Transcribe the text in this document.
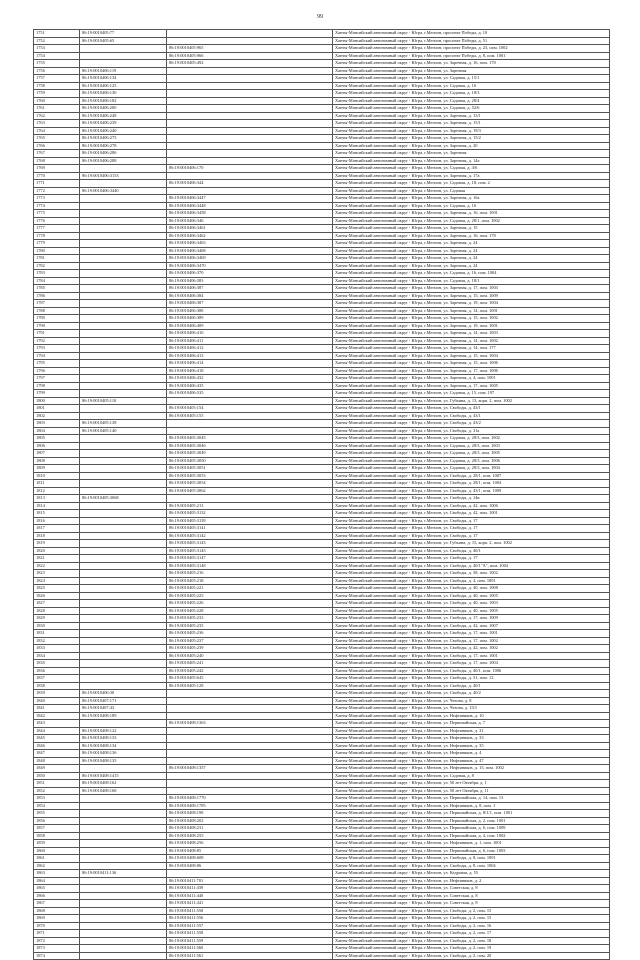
99
1751	86:19:0010405:77		Ханты-Мансийский автономный округ - Югра, г.Мегион, проспект Победы, д. 10
1752	86:19:0010405:65		Ханты-Мансийский автономный округ - Югра, г.Мегион, проспект Победы, д. 51
1753		86:19:0010405:965	Ханты-Мансийский автономный округ - Югра, г.Мегион, проспект Победы, д. 23, пом. 1002
1754		86:19:0010405:966	Ханты-Мансийский автономный округ - Югра, г.Мегион, проспект Победы, д. 8, пом. 1001
1755		86:19:0010405:492	Ханты-Мансийский автономный округ - Югра, г.Мегион, ул. Заречная, д. 16, пом. 178
1756	86:19:0010406:119		Ханты-Мансийский автономный округ - Югра, г.Мегион, ул. Заречная
1757	86:19:0010406:134		Ханты-Мансийский автономный округ - Югра, г.Мегион, ул. Садовая, д. 15/1
1758	86:19:0010406:125		Ханты-Мансийский автономный округ - Югра, г.Мегион, ул. Садовая, д. 16
1759	86:19:0010406:130		Ханты-Мансийский автономный округ - Югра, г.Мегион, ул. Садовая, д. 18/3
1760	86:19:0010406:182		Ханты-Мансийский автономный округ - Югра, г.Мегион, ул. Садовая, д. 28/4
1761	86:19:0010406:200		Ханты-Мансийский автономный округ - Югра, г.Мегион, ул. Садовая, д. 52/6
1762	86:19:0010406:248		Ханты-Мансийский автономный округ - Югра, г.Мегион, ул. Заречная, д. 13/1
1763	86:19:0010406:239		Ханты-Мансийский автономный округ - Югра, г.Мегион, ул. Заречная, д. 15/1
1764	86:19:0010406:240		Ханты-Мансийский автономный округ - Югра, г.Мегион, ул. Заречная, д. 19/3
1765	86:19:0010406:275		Ханты-Мансийский автономный округ - Югра, г.Мегион, ул. Заречная, д. 15/2
1766	86:19:0010406:278		Ханты-Мансийский автономный округ - Югра, г.Мегион, ул. Заречная, д. 20
1767	86:19:0010406:286		Ханты-Мансийский автономный округ - Югра, г.Мегион, ул. Заречная
1768	86:19:0010406:288		Ханты-Мансийский автономный округ - Югра, г.Мегион, ул. Заречная, д. 14а
1769		86:19:0010406:170	Ханты-Мансийский автономный округ - Югра, г.Мегион, ул. Садовая, д. 4/6
1770	86:19:0010406:3153		Ханты-Мансийский автономный округ - Югра, г.Мегион, ул. Заречная, д. 17а
1771		86:19:0010406:344	Ханты-Мансийский автономный округ - Югра, г.Мегион, ул. Садовая, д. 18, пом. 2
1772	86:19:0010406:3440		Ханты-Мансийский автономный округ - Югра, г.Мегион, ул. Садовая
1773		86:19:0010406:3447	Ханты-Мансийский автономный округ - Югра, г.Мегион, ул. Заречная, д. 16а
1774		86:19:0010406:3448	Ханты-Мансийский автономный округ - Югра, г.Мегион, ул. Садовая, д. 16
1775		86:19:0010406:3458	Ханты-Мансийский автономный округ - Югра, г.Мегион, ул. Заречная, д. 16, пом. 1001
1776		86:19:0010406:346	Ханты-Мансийский автономный округ - Югра, г.Мегион, ул. Садовая, д. 28/1, пом. 1002
1777		86:19:0010406:3461	Ханты-Мансийский автономный округ - Югра, г.Мегион, ул. Заречная, д. 15
1778		86:19:0010406:3462	Ханты-Мансийский автономный округ - Югра, г.Мегион, ул. Заречная, д. 16, пом. 178
1779		86:19:0010406:3463	Ханты-Мансийский автономный округ - Югра, г.Мегион, ул. Заречная, д. 24
1780		86:19:0010406:3468	Ханты-Мансийский автономный округ - Югра, г.Мегион, ул. Заречная, д. 24
1781		86:19:0010406:3469	Ханты-Мансийский автономный округ - Югра, г.Мегион, ул. Заречная, д. 24
1782		86:19:0010406:3470	Ханты-Мансийский автономный округ - Югра, г.Мегион, ул. Заречная, д. 24
1783		86:19:0010406:370	Ханты-Мансийский автономный округ - Югра, г.Мегион, ул. Садовая, д. 16, пом. 1004
1784		86:19:0010406:383	Ханты-Мансийский автономный округ - Югра, г.Мегион, ул. Садовая, д. 18/1
1785		86:19:0010406:387	Ханты-Мансийский автономный округ - Югра, г.Мегион, ул. Заречная, д. 17, пом. 1003
1786		86:19:0010406:384	Ханты-Мансийский автономный округ - Югра, г.Мегион, ул. Заречная, д. 15, пом. 1009
1787		86:19:0010406:387	Ханты-Мансийский автономный округ - Югра, г.Мегион, ул. Заречная, д. 19, пом. 1004
1788		86:19:0010406:388	Ханты-Мансийский автономный округ - Югра, г.Мегион, ул. Заречная, д. 14, пом. 1001
1789		86:19:0010406:389	Ханты-Мансийский автономный округ - Югра, г.Мегион, ул. Заречная, д. 15, пом. 1002
1790		86:19:0010406:409	Ханты-Мансийский автономный округ - Югра, г.Мегион, ул. Заречная, д. 19, пом. 1001
1791		86:19:0010406:410	Ханты-Мансийский автономный округ - Югра, г.Мегион, ул. Заречная, д. 14, пом. 1003
1792		86:19:0010406:411	Ханты-Мансийский автономный округ - Югра, г.Мегион, ул. Заречная, д. 14, пом. 1002
1793		86:19:0010406:412	Ханты-Мансийский автономный округ - Югра, г.Мегион, ул. Заречная, д. 14, пом. 177
1794		86:19:0010406:413	Ханты-Мансийский автономный округ - Югра, г.Мегион, ул. Заречная, д. 15, пом. 1004
1795		86:19:0010406:414	Ханты-Мансийский автономный округ - Югра, г.Мегион, ул. Заречная, д. 15, пом. 1006
1796		86:19:0010406:418	Ханты-Мансийский автономный округ - Югра, г.Мегион, ул. Заречная, д. 17, пом. 1006
1797		86:19:0010406:432	Ханты-Мансийский автономный округ - Югра, г.Мегион, ул. Заречная, д. 4, пом. 1001
1798		86:19:0010406:435	Ханты-Мансийский автономный округ - Югра, г.Мегион, ул. Заречная, д. 17, пом. 1005
1799		86:19:0010406:535	Ханты-Мансийский автономный округ - Югра, г.Мегион, ул. Садовая, д. 15, пом. 197
1800	86:19:0010405:110		Ханты-Мансийский автономный округ - Югра, г.Мегион, ул. Губкина, д. 13, корп. 2, пом. 1002
1801		86:19:0010405:154	Ханты-Мансийский автономный округ - Югра, г.Мегион, ул. Свободы, д. 43/1
1802		86:19:0010405:155	Ханты-Мансийский автономный округ - Югра, г.Мегион, ул. Свободы, д. 43/1
1803	86:19:0010405:138		Ханты-Мансийский автономный округ - Югра, г.Мегион, ул. Свободы, д. 43/2
1804	86:19:0010405:140		Ханты-Мансийский автономный округ - Югра, г.Мегион, ул. Свободы, д. 31а
1805		86:19:0010405:3045	Ханты-Мансийский автономный округ - Югра, г.Мегион, ул. Садовая, д. 28/3, пом. 1002
1806		86:19:0010405:3046	Ханты-Мансийский автономный округ - Югра, г.Мегион, ул. Садовая, д. 28/3, пом. 1003
1807		86:19:0010405:3049	Ханты-Мансийский автономный округ - Югра, г.Мегион, ул. Садовая, д. 28/3, пом. 1005
1808		86:19:0010405:3050	Ханты-Мансийский автономный округ - Югра, г.Мегион, ул. Садовая, д. 28/3, пом. 1006
1809		86:19:0010405:3051	Ханты-Мансийский автономный округ - Югра, г.Мегион, ул. Садовая, д. 28/3, пом. 1004
1810		86:19:0010405:3053	Ханты-Мансийский автономный округ - Югра, г.Мегион, ул. Свободы, д. 28/1, пом. 1007
1811		86:19:0010405:3054	Ханты-Мансийский автономный округ - Югра, г.Мегион, ул. Свободы, д. 28/1, пом. 1004
1812		86:19:0010405:3062	Ханты-Мансийский автономный округ - Югра, г.Мегион, ул. Свободы, д. 43/1, пом. 1009
1813	86:19:0010405:3068		Ханты-Мансийский автономный округ - Югра, г.Мегион, ул. Свободы, д. 14в
1814		86:19:0010405:213	Ханты-Мансийский автономный округ - Югра, г.Мегион, ул. Свободы, д. 42, пом. 1006
1815		86:19:0010405:3132	Ханты-Мансийский автономный округ - Югра, г.Мегион, ул. Свободы, д. 42, пом. 1001
1816		86:19:0010405:3139	Ханты-Мансийский автономный округ - Югра, г.Мегион, ул. Свободы, д. 17
1817		86:19:0010405:3141	Ханты-Мансийский автономный округ - Югра, г.Мегион, ул. Свободы, д. 17
1818		86:19:0010405:3142	Ханты-Мансийский автономный округ - Югра, г.Мегион, ул. Свободы, д. 17
1819		86:19:0010405:3143	Ханты-Мансийский автономный округ - Югра, г.Мегион, ул. Губкина, д. 15, корп. 2, пом. 1002
1820		86:19:0010405:3145	Ханты-Мансийский автономный округ - Югра, г.Мегион, ул. Свободы, д. 40/1
1821		86:19:0010405:3147	Ханты-Мансийский автономный округ - Югра, г.Мегион, ул. Свободы, д. 17
1822		86:19:0010405:3148	Ханты-Мансийский автономный округ - Югра, г.Мегион, ул. Свободы, д. 40/1"А", пом. 1004
1823		86:19:0010405:216	Ханты-Мансийский автономный округ - Югра, г.Мегион, ул. Свободы, д. 38, пом. 1002
1824		86:19:0010405:218	Ханты-Мансийский автономный округ - Югра, г.Мегион, ул. Свободы, д. 4, пом. 1001
1825		86:19:0010405:221	Ханты-Мансийский автономный округ - Югра, г.Мегион, ул. Свободы, д. 40, пом. 1008
1826		86:19:0010405:225	Ханты-Мансийский автономный округ - Югра, г.Мегион, ул. Свободы, д. 40, пом. 1005
1827		86:19:0010405:226	Ханты-Мансийский автономный округ - Югра, г.Мегион, ул. Свободы, д. 40, пом. 1003
1828		86:19:0010405:228	Ханты-Мансийский автономный округ - Югра, г.Мегион, ул. Свободы, д. 40, пом. 1005
1829		86:19:0010405:233	Ханты-Мансийский автономный округ - Югра, г.Мегион, ул. Свободы, д. 17, пом. 1009
1830		86:19:0010405:235	Ханты-Мансийский автономный округ - Югра, г.Мегион, ул. Свободы, д. 42, пом. 1007
1831		86:19:0010405:236	Ханты-Мансийский автономный округ - Югра, г.Мегион, ул. Свободы, д. 17, пом. 1001
1832		86:19:0010405:237	Ханты-Мансийский автономный округ - Югра, г.Мегион, ул. Свободы, д. 17, пом. 1002
1833		86:19:0010405:239	Ханты-Мансийский автономный округ - Югра, г.Мегион, ул. Свободы, д. 42, пом. 1002
1834		86:19:0010405:240	Ханты-Мансийский автономный округ - Югра, г.Мегион, ул. Свободы, д. 17, пом. 1001
1835		86:19:0010405:241	Ханты-Мансийский автономный округ - Югра, г.Мегион, ул. Свободы, д. 17, пом. 1004
1836		86:19:0010405:242	Ханты-Мансийский автономный округ - Югра, г.Мегион, ул. Свободы, д. 40/1, пом. 1006
1837		86:19:0010405:645	Ханты-Мансийский автономный округ - Югра, г.Мегион, ул. Свободы, д. 31, пом. 12
1838		86:19:0010405:128	Ханты-Мансийский автономный округ - Югра, г.Мегион, ул. Свободы, д. 40/1
1839	86:19:0010406:30		Ханты-Мансийский автономный округ - Югра, г.Мегион, ул. Свободы, д. 40/2
1840	86:19:0010407:171		Ханты-Мансийский автономный округ - Югра, г.Мегион, ул. Чехова, д. 8
1841	86:19:0010407:43		Ханты-Мансийский автономный округ - Югра, г.Мегион, ул. Чехова, д. 15/1
1842	86:19:0010408:189		Ханты-Мансийский автономный округ - Югра, г.Мегион, ул. Нефтяников, д. 10
1843		86:19:0010408:1363	Ханты-Мансийский автономный округ - Югра, г.Мегион, ул. Первомайская, д. 7
1844	86:19:0010408:122		Ханты-Мансийский автономный округ - Югра, г.Мегион, ул. Нефтяников, д. 31
1845	86:19:0010408:133		Ханты-Мансийский автономный округ - Югра, г.Мегион, ул. Нефтяников, д. 33
1846	86:19:0010408:134		Ханты-Мансийский автономный округ - Югра, г.Мегион, ул. Нефтяников, д. 35
1847	86:19:0010408:136		Ханты-Мансийский автономный округ - Югра, г.Мегион, ул. Нефтяников, д. 4
1848	86:19:0010408:135		Ханты-Мансийский автономный округ - Югра, г.Мегион, ул. Нефтяников, д. 47
1849		86:19:0010408:1357	Ханты-Мансийский автономный округ - Югра, г.Мегион, ул. Нефтяников, д. 15, пом. 1002
1850	86:19:0010408:1415		Ханты-Мансийский автономный округ - Югра, г.Мегион, ул. Садовая, д. 8
1851	86:19:0010408:162		Ханты-Мансийский автономный округ - Югра, г.Мегион, ул. 50 лет Октября, д. 1
1852	86:19:0010408:168		Ханты-Мансийский автономный округ - Югра, г.Мегион, ул. 50 лет Октября, д. 11
1853		86:19:0010408:1770	Ханты-Мансийский автономный округ - Югра, г.Мегион, ул. Первомайская, д. 14, пом. 13
1854		86:19:0010408:1785	Ханты-Мансийский автономный округ - Югра, г.Мегион, ул. Нефтяников, д. 8, пом. 1
1855		86:19:0010408:198	Ханты-Мансийский автономный округ - Югра, г.Мегион, ул. Первомайская, д. 8/1/1, пом. 1001
1856		86:19:0010408:202	Ханты-Мансийский автономный округ - Югра, г.Мегион, ул. Первомайская, д. 2, пом. 1001
1857		86:19:0010408:231	Ханты-Мансийский автономный округ - Югра, г.Мегион, ул. Первомайская, д. 6, пом. 1009
1858		86:19:0010408:255	Ханты-Мансийский автономный округ - Югра, г.Мегион, ул. Первомайская, д. 4, пом. 1002
1859		86:19:0010408:256	Ханты-Мансийский автономный округ - Югра, г.Мегион, ул. Нефтяников, д. 1, пом. 1001
1860		86:19:0010408:85	Ханты-Мансийский автономный округ - Югра, г.Мегион, ул. Первомайская, д. 6, пом. 1003
1861		86:19:0010408:608	Ханты-Мансийский автономный округ - Югра, г.Мегион, ул. Свободы, д. 8, пом. 1001
1862		86:19:0010408:86	Ханты-Мансийский автономный округ - Югра, г.Мегион, ул. Свободы, д. 8, пом. 1004
1863	86:19:0010411:136		Ханты-Мансийский автономный округ - Югра, г.Мегион, ул. Кедровая, д. 55
1864		86:19:0010411:701	Ханты-Мансийский автономный округ - Югра, г.Мегион, ул. Нефтяников, д. 2
1865		86:19:0010411:439	Ханты-Мансийский автономный округ - Югра, г.Мегион, ул. Советская, д. 8
1866		86:19:0010411:440	Ханты-Мансийский автономный округ - Югра, г.Мегион, ул. Советская, д. 8
1867		86:19:0010411:441	Ханты-Мансийский автономный округ - Югра, г.Мегион, ул. Советская, д. 8
1868		86:19:0010411:558	Ханты-Мансийский автономный округ - Югра, г.Мегион, ул. Свободы, д. 2, пом. 15
1869		86:19:0010411:556	Ханты-Мансийский автономный округ - Югра, г.Мегион, ул. Свободы, д. 2, пом. 15
1870		86:19:0010411:557	Ханты-Мансийский автономный округ - Югра, г.Мегион, ул. Свободы, д. 2, пом. 16
1871		86:19:0010411:558	Ханты-Мансийский автономный округ - Югра, г.Мегион, ул. Свободы, д. 2, пом. 17
1872		86:19:0010411:559	Ханты-Мансийский автономный округ - Югра, г.Мегион, ул. Свободы, д. 2, пом. 18
1873		86:19:0010411:560	Ханты-Мансийский автономный округ - Югра, г.Мегион, ул. Свободы, д. 2, пом. 19
1874		86:19:0010411:561	Ханты-Мансийский автономный округ - Югра, г.Мегион, ул. Свободы, д. 2, пом. 20
